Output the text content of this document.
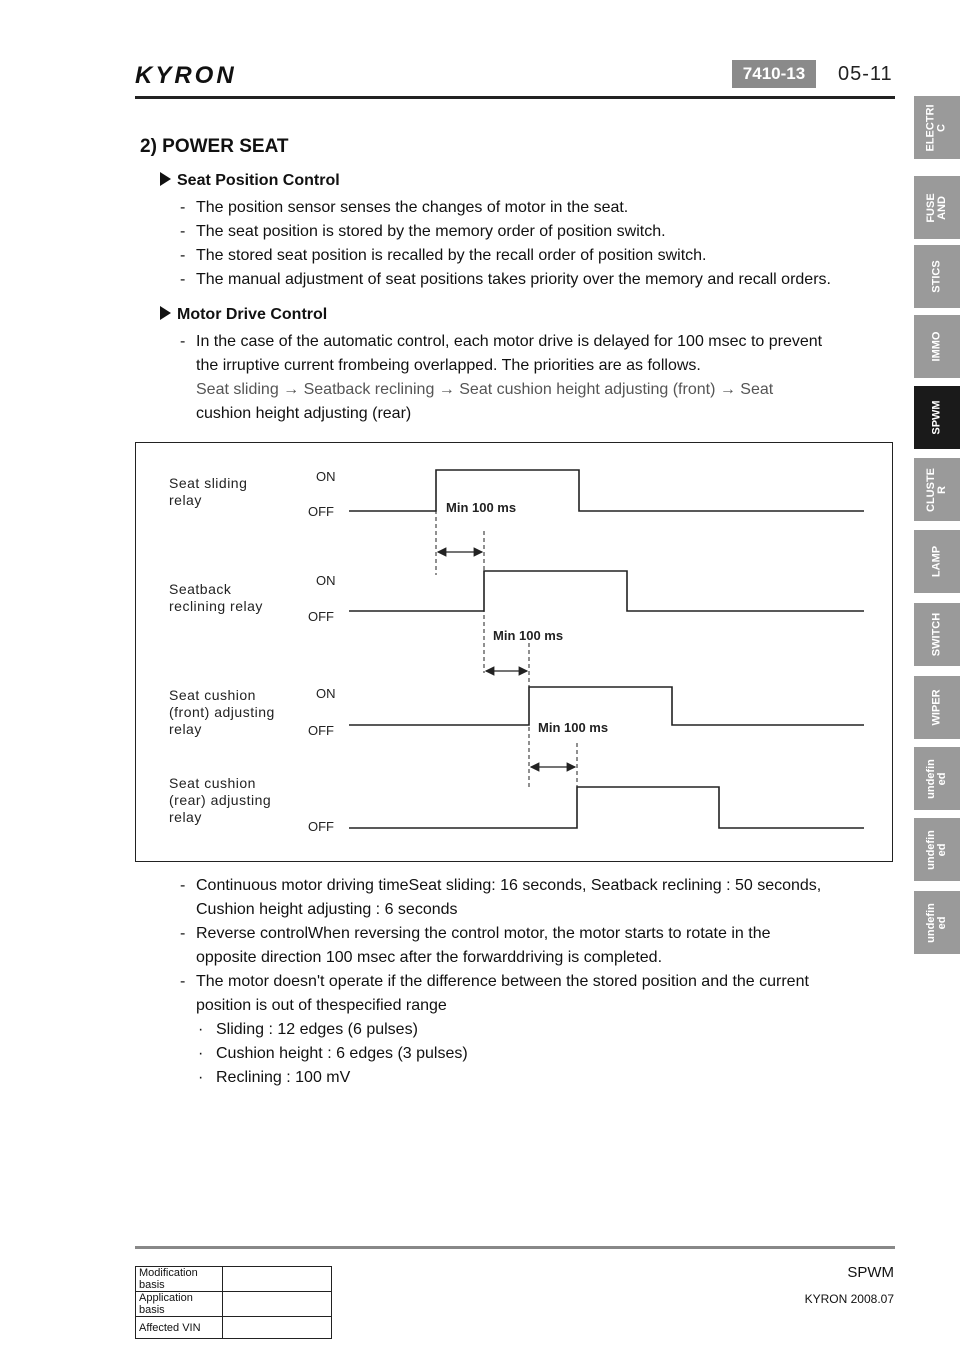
KYRON	7410-13	05-11
ELECTRI
C
FUSE
AND
STICS
IMMO
SPWM
CLUSTE
R
LAMP
SWITCH
WIPER
undefin
ed
undefin
ed
undefin
ed
2) POWER SEAT
Seat Position Control
- The position sensor senses the changes of motor in the seat.
- The seat position is stored by the memory order of position switch.
- The stored seat position is recalled by the recall order of position switch.
- The manual adjustment of seat positions takes priority over the memory and recall orders.
Motor Drive Control
- In the case of the automatic control, each motor drive is delayed for 100 msec to prevent
the irruptive current frombeing overlapped. The priorities are as follows.
Seat sliding → Seatback reclining → Seat cushion height adjusting (front) → Seat
cushion height adjusting (rear)
Seat sliding
relay
Seatback
reclining relay
Seat cushion
(front) adjusting
relay
Seat cushion
(rear) adjusting
relay
ON
OFF
ON
OFF
ON
OFF
OFF
Min 100 ms
Min 100 ms
Min 100 ms
- Continuous motor driving timeSeat sliding: 16 seconds, Seatback reclining : 50 seconds,
Cushion height adjusting : 6 seconds
- Reverse controlWhen reversing the control motor, the motor starts to rotate in the
opposite direction 100 msec after the forwarddriving is completed.
- The motor doesn't operate if the difference between the stored position and the current
position is out of thespecified range
· Sliding : 12 edges (6 pulses)
· Cushion height : 6 edges (3 pulses)
· Reclining : 100 mV
SPWM
KYRON 2008.07
Modification basis	
Application basis	
Affected VIN	
